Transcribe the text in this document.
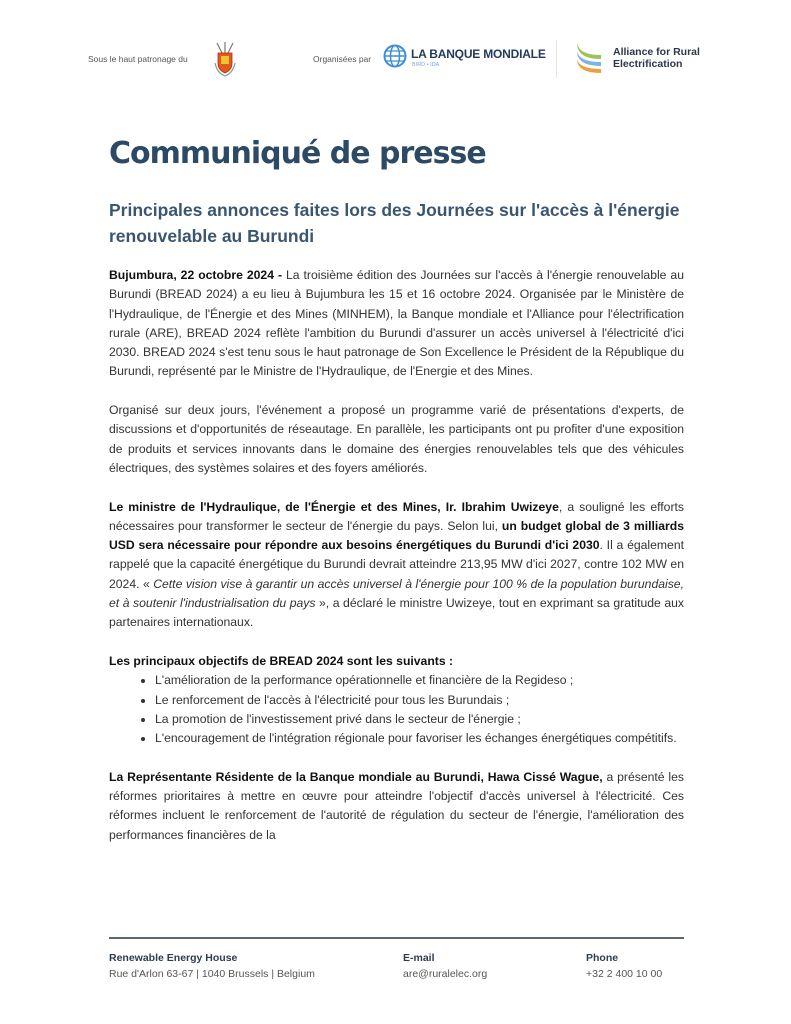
Sous le haut patronage du	Organisées par	LA BANQUE MONDIALE
BIRD • IDA
Alliance for Rural Electrification
Communiqué de presse
Principales annonces faites lors des Journées sur l'accès à l'énergie renouvelable au Burundi

Bujumbura, 22 octobre 2024 - La troisième édition des Journées sur l'accès à l'énergie renouvelable au Burundi (BREAD 2024) a eu lieu à Bujumbura les 15 et 16 octobre 2024. Organisée par le Ministère de l'Hydraulique, de l'Énergie et des Mines (MINHEM), la Banque mondiale et l'Alliance pour l'électrification rurale (ARE), BREAD 2024 reflète l'ambition du Burundi d'assurer un accès universel à l'électricité d'ici 2030. BREAD 2024 s'est tenu sous le haut patronage de Son Excellence le Président de la République du Burundi, représenté par le Ministre de l'Hydraulique, de l'Energie et des Mines.

Organisé sur deux jours, l'événement a proposé un programme varié de présentations d'experts, de discussions et d'opportunités de réseautage. En parallèle, les participants ont pu profiter d'une exposition de produits et services innovants dans le domaine des énergies renouvelables tels que des véhicules électriques, des systèmes solaires et des foyers améliorés.

Le ministre de l'Hydraulique, de l'Énergie et des Mines, Ir. Ibrahim Uwizeye, a souligné les efforts nécessaires pour transformer le secteur de l'énergie du pays. Selon lui, un budget global de 3 milliards USD sera nécessaire pour répondre aux besoins énergétiques du Burundi d'ici 2030. Il a également rappelé que la capacité énergétique du Burundi devrait atteindre 213,95 MW d'ici 2027, contre 102 MW en 2024. « Cette vision vise à garantir un accès universel à l'énergie pour 100 % de la population burundaise, et à soutenir l'industrialisation du pays », a déclaré le ministre Uwizeye, tout en exprimant sa gratitude aux partenaires internationaux.

Les principaux objectifs de BREAD 2024 sont les suivants :
• L'amélioration de la performance opérationnelle et financière de la Regideso ;
• Le renforcement de l'accès à l'électricité pour tous les Burundais ;
• La promotion de l'investissement privé dans le secteur de l'énergie ;
• L'encouragement de l'intégration régionale pour favoriser les échanges énergétiques compétitifs.

La Représentante Résidente de la Banque mondiale au Burundi, Hawa Cissé Wague, a présenté les réformes prioritaires à mettre en œuvre pour atteindre l'objectif d'accès universel à l'électricité. Ces réformes incluent le renforcement de l'autorité de régulation du secteur de l'énergie, l'amélioration des performances financières de la

Renewable Energy House
Rue d'Arlon 63-67 | 1040 Brussels | Belgium
E-mail
are@ruralelec.org
Phone
+32 2 400 10 00
